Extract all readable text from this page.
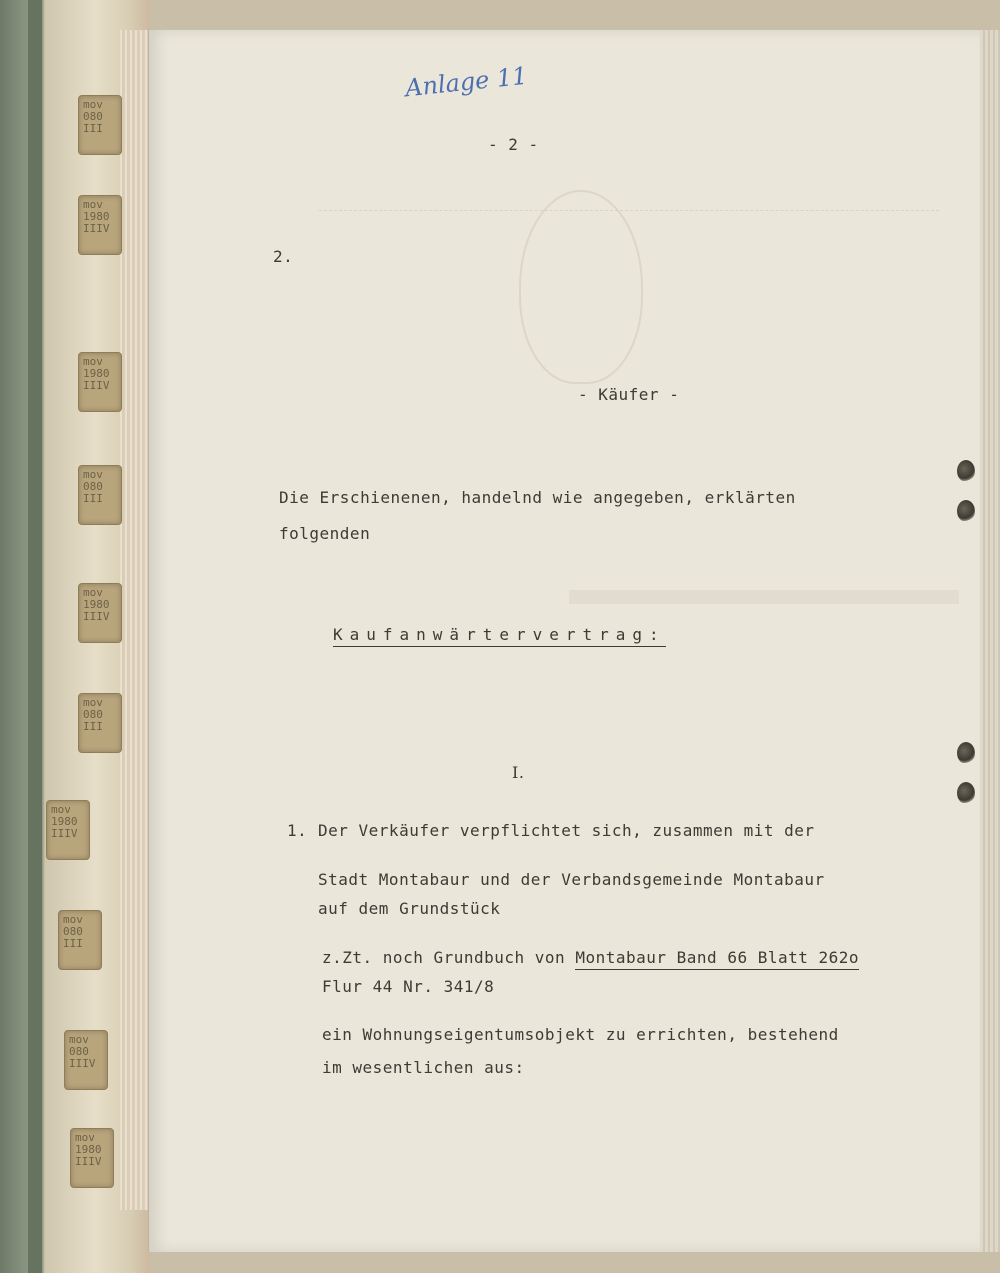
mov
080
III
mov
1980
IIIV
mov
1980
IIIV
mov
080
III
mov
1980
IIIV
mov
080
III
mov
1980
IIIV
mov
080
III
mov
080
IIIV
mov
1980
IIIV
Anlage 11
- 2 -
2.
- Käufer -
Die Erschienenen, handelnd wie angegeben, erklärten
folgenden
Kaufanwärtervertrag:
I.
1. Der Verkäufer verpflichtet sich, zusammen mit der
Stadt Montabaur und der Verbandsgemeinde Montabaur
auf dem Grundstück
z.Zt. noch Grundbuch von Montabaur Band 66 Blatt 262o
Flur 44 Nr. 341/8
ein Wohnungseigentumsobjekt zu errichten, bestehend
im wesentlichen aus:
